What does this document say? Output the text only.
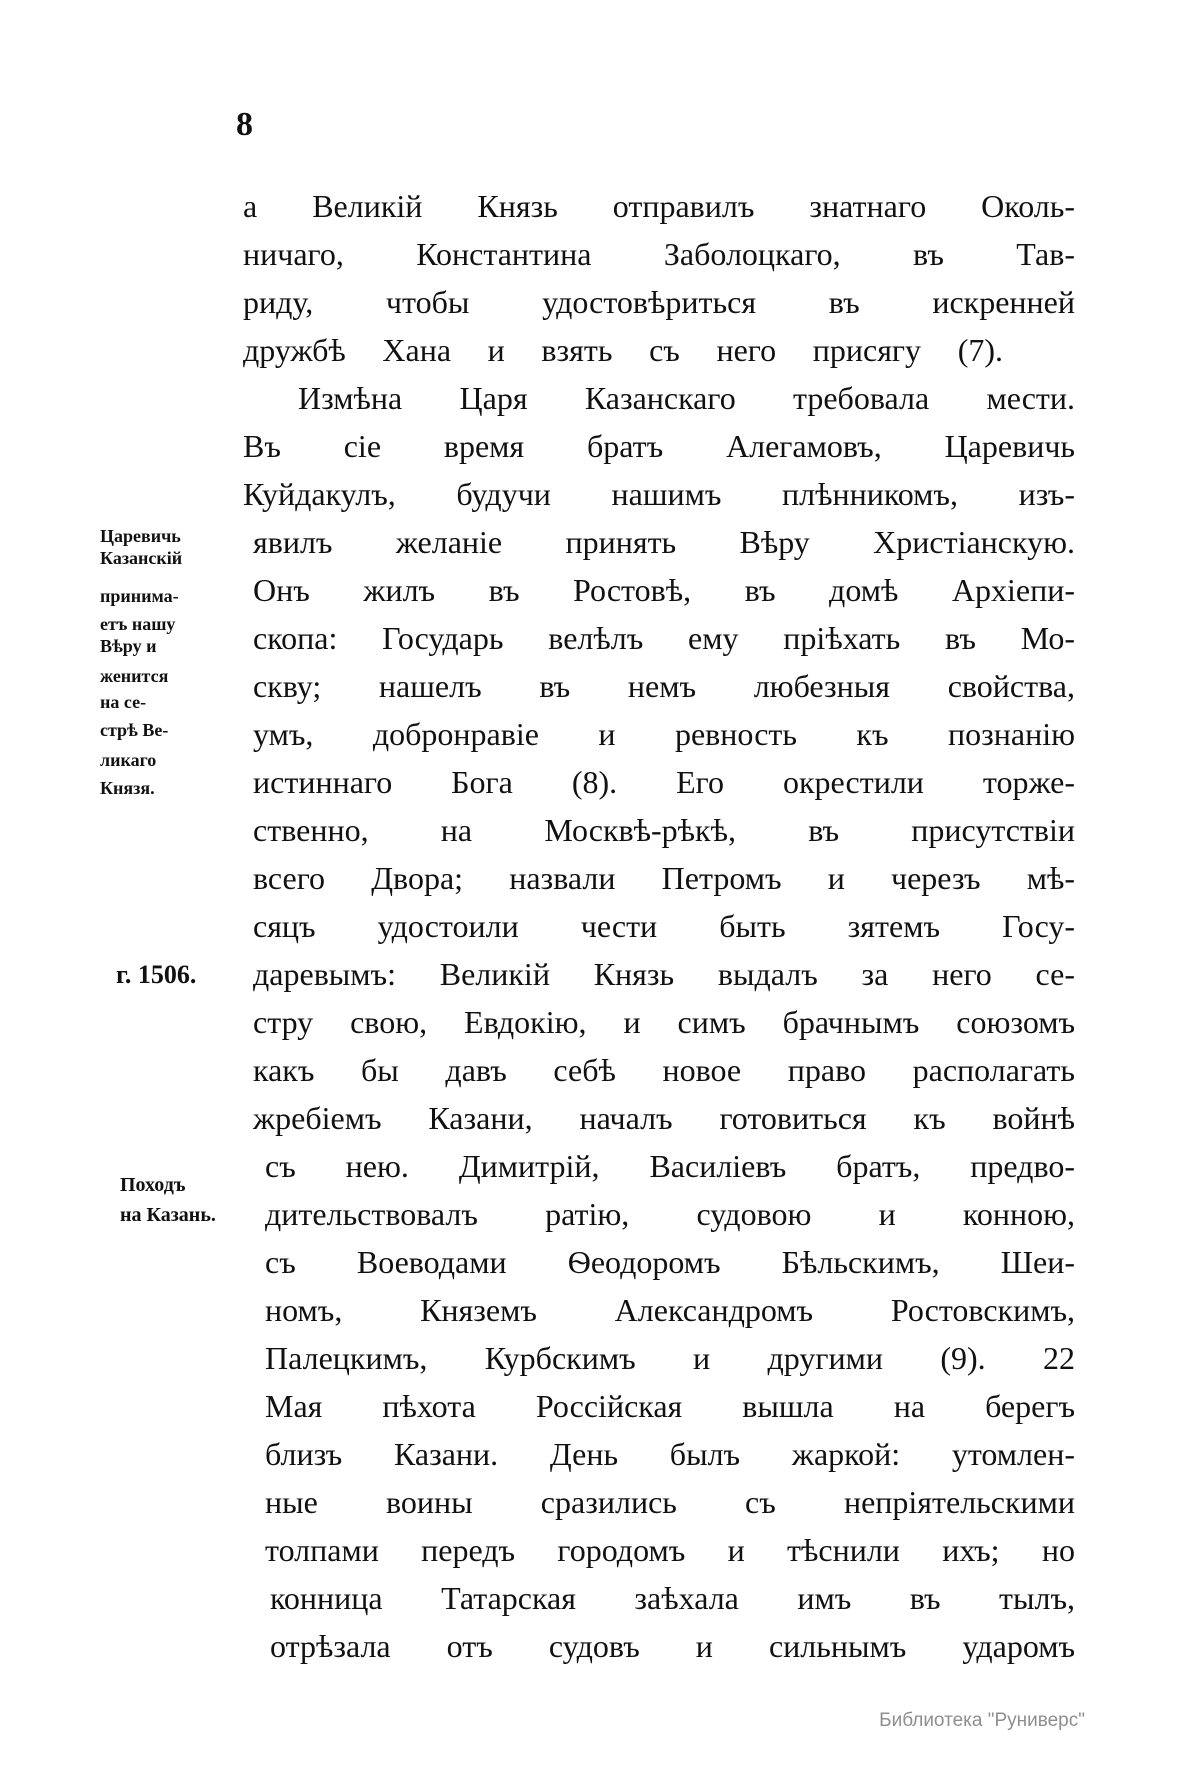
8
а Великій Князь отправилъ знатнаго Околь-
ничаго, Константина Заболоцкаго, въ Тав-
риду, чтобы удостовѣриться въ искренней
дружбѣ Хана и взять съ него присягу (7).
Измѣна Царя Казанскаго требовала мести.
Въ сіе время братъ Алегамовъ, Царевичь
Куйдакулъ, будучи нашимъ плѣнникомъ, изъ-
явилъ желаніе принять Вѣру Христіанскую.
Онъ жилъ въ Ростовѣ, въ домѣ Архіепи-
скопа: Государь велѣлъ ему пріѣхать въ Мо-
скву; нашелъ въ немъ любезныя свойства,
умъ, добронравіе и ревность къ познанію
истиннаго Бога (8). Его окрестили торже-
ственно, на Москвѣ-рѣкѣ, въ присутствіи
всего Двора; назвали Петромъ и черезъ мѣ-
сяцъ удостоили чести быть зятемъ Госу-
даревымъ: Великій Князь выдалъ за него се-
стру свою, Евдокію, и симъ брачнымъ союзомъ
какъ бы давъ себѣ новое право располагать
жребіемъ Казани, началъ готовиться къ войнѣ
съ нею. Димитрій, Василіевъ братъ, предво-
дительствовалъ ратію, судовою и конною,
съ Воеводами Ѳеодоромъ Бѣльскимъ, Шеи-
номъ, Княземъ Александромъ Ростовскимъ,
Палецкимъ, Курбскимъ и другими (9). 22
Мая пѣхота Россійская вышла на берегъ
близъ Казани. День былъ жаркой: утомлен-
ные воины сразились съ непріятельскими
толпами передъ городомъ и тѣснили ихъ; но
конница Татарская заѣхала имъ въ тылъ,
отрѣзала отъ судовъ и сильнымъ ударомъ
Царевичь
Казанскій
принима-
етъ нашу
Вѣру и
женится
на се-
стрѣ Ве-
ликаго
Князя.
г. 1506.
Походъ
на Казань.
Библиотека "Руниверс"
